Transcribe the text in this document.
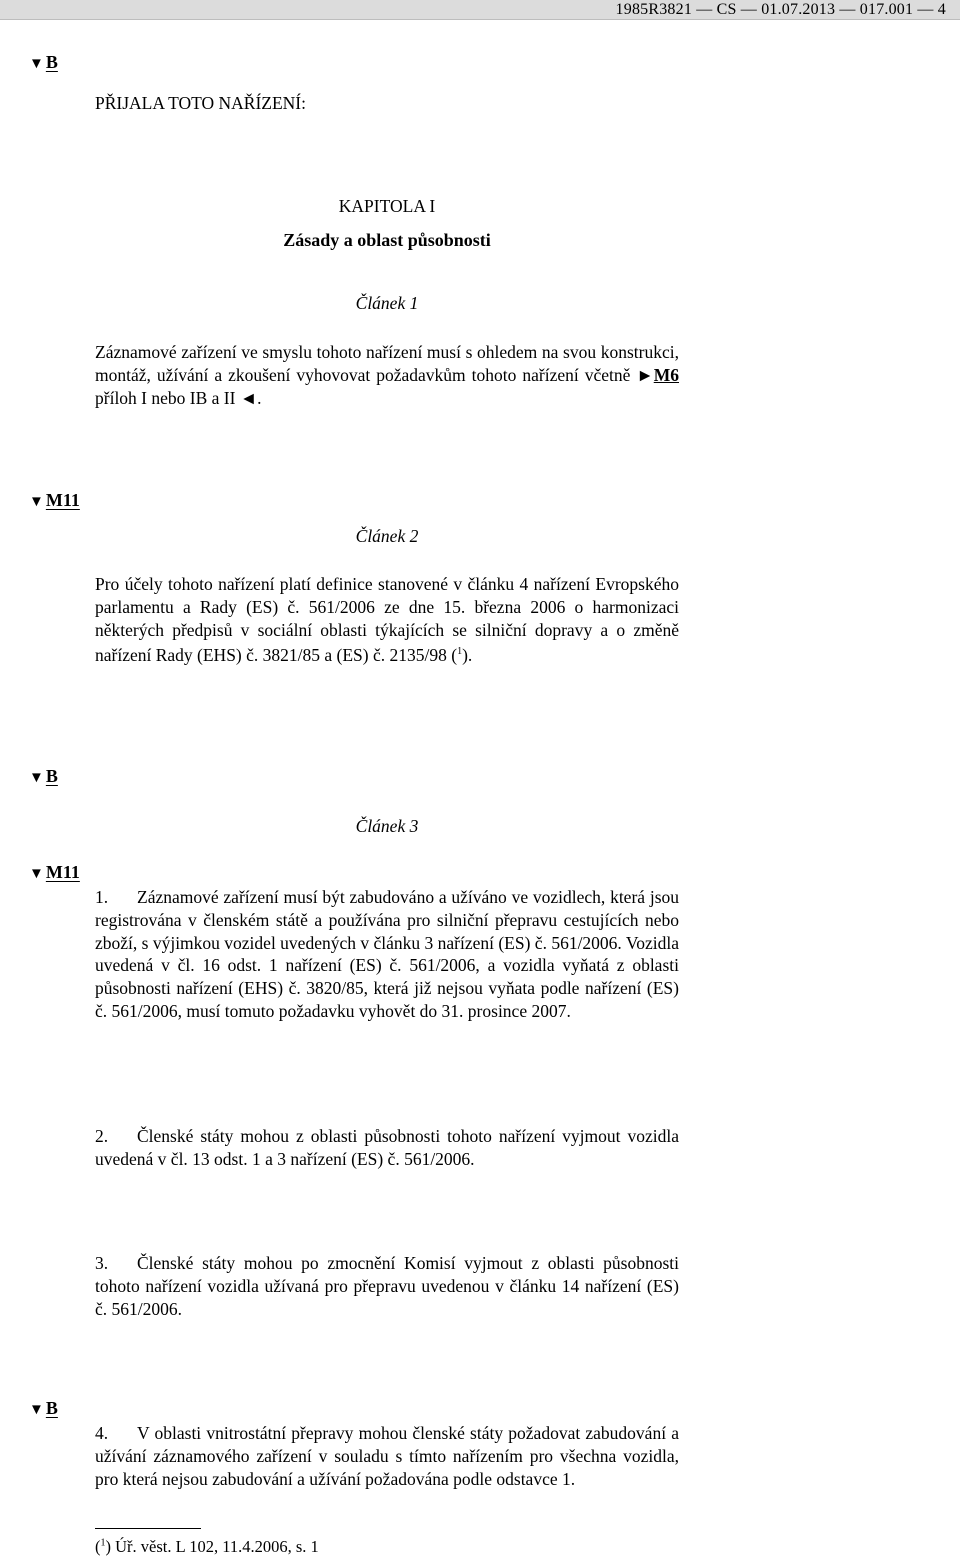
1985R3821 — CS — 01.07.2013 — 017.001 — 4
▼ B
PŘIJALA TOTO NAŘÍZENÍ:
KAPITOLA I
Zásady a oblast působnosti
Článek 1
Záznamové zařízení ve smyslu tohoto nařízení musí s ohledem na svou konstrukci, montáž, užívání a zkoušení vyhovovat požadavkům tohoto nařízení včetně ►M6 příloh I nebo IB a II ◄.
▼ M11
Článek 2
Pro účely tohoto nařízení platí definice stanovené v článku 4 nařízení Evropského parlamentu a Rady (ES) č. 561/2006 ze dne 15. března 2006 o harmonizaci některých předpisů v sociální oblasti týkajících se silniční dopravy a o změně nařízení Rady (EHS) č. 3821/85 a (ES) č. 2135/98 ($^1$).
▼ B
Článek 3
▼ M11
1. Záznamové zařízení musí být zabudováno a užíváno ve vozidlech, která jsou registrována v členském státě a používána pro silniční přepravu cestujících nebo zboží, s výjimkou vozidel uvedených v článku 3 nařízení (ES) č. 561/2006. Vozidla uvedená v čl. 16 odst. 1 nařízení (ES) č. 561/2006, a vozidla vyňatá z oblasti působnosti nařízení (EHS) č. 3820/85, která již nejsou vyňata podle nařízení (ES) č. 561/2006, musí tomuto požadavku vyhovět do 31. prosince 2007.
2. Členské státy mohou z oblasti působnosti tohoto nařízení vyjmout vozidla uvedená v čl. 13 odst. 1 a 3 nařízení (ES) č. 561/2006.
3. Členské státy mohou po zmocnění Komisí vyjmout z oblasti působnosti tohoto nařízení vozidla užívaná pro přepravu uvedenou v článku 14 nařízení (ES) č. 561/2006.
▼ B
4. V oblasti vnitrostátní přepravy mohou členské státy požadovat zabudování a užívání záznamového zařízení v souladu s tímto nařízením pro všechna vozidla, pro která nejsou zabudování a užívání požadována podle odstavce 1.
($^1$) Úř. věst. L 102, 11.4.2006, s. 1
